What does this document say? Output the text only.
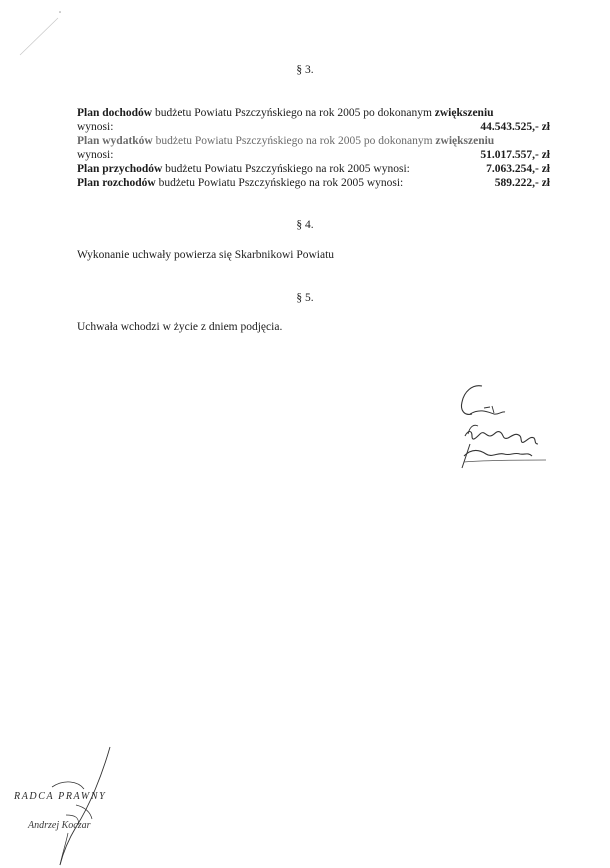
§ 3.
Plan dochodów budżetu Powiatu Pszczyńskiego na rok 2005 po dokonanym zwiększeniu
wynosi:	44.543.525,- zł
Plan wydatków budżetu Powiatu Pszczyńskiego na rok 2005 po dokonanym zwiększeniu
wynosi:	51.017.557,- zł
Plan przychodów budżetu Powiatu Pszczyńskiego na rok 2005 wynosi:	7.063.254,- zł
Plan rozchodów budżetu Powiatu Pszczyńskiego na rok 2005 wynosi:	589.222,- zł
§ 4.
Wykonanie uchwały powierza się Skarbnikowi Powiatu
§ 5.
Uchwała wchodzi w życie z dniem podjęcia.
RADCA PRAWNY
Andrzej Koczar
